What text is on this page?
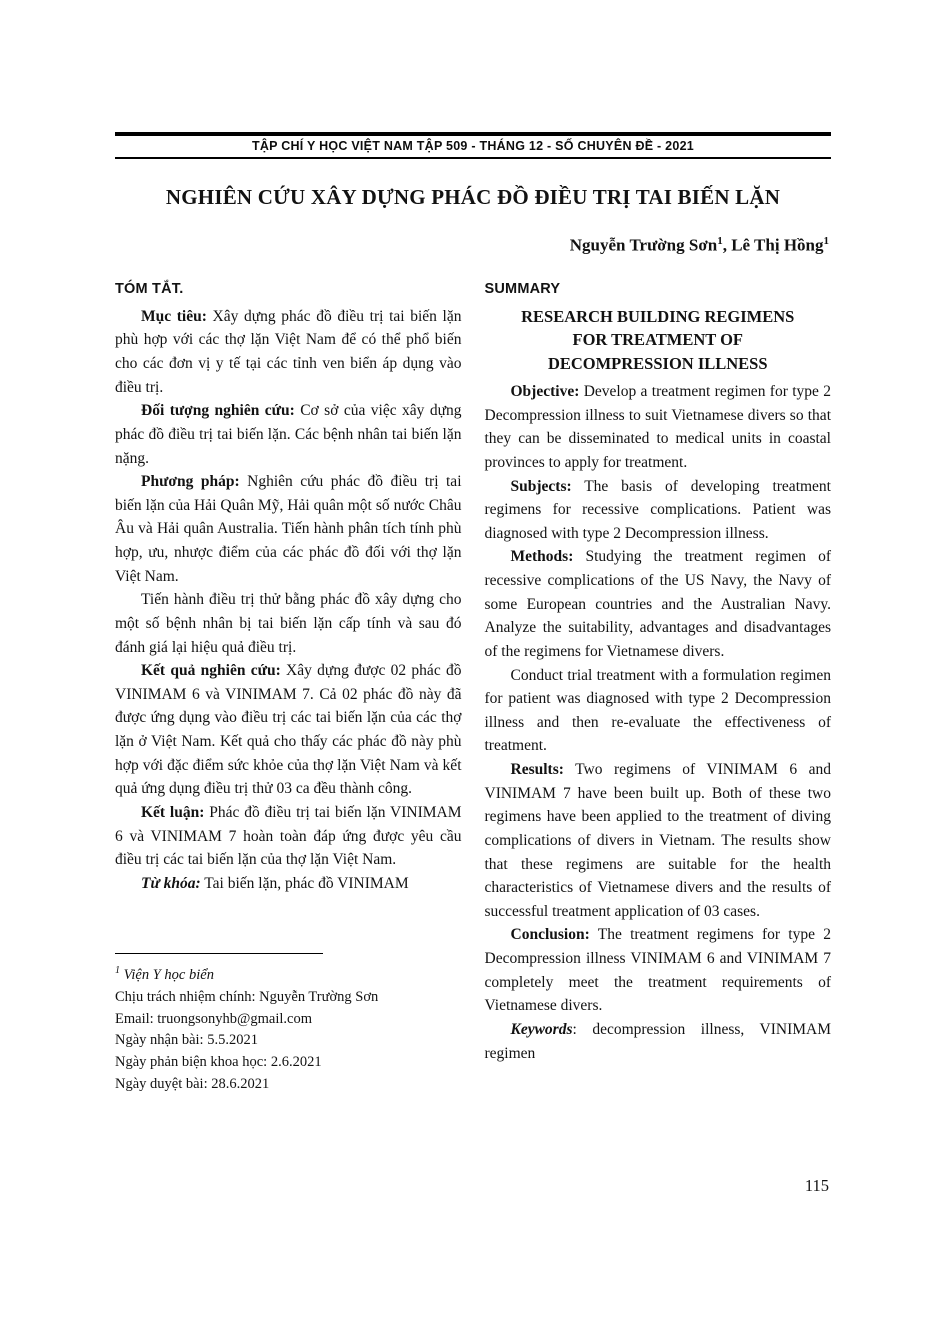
TẬP CHÍ Y HỌC VIỆT NAM TẬP 509 - THÁNG 12 - SỐ CHUYÊN ĐỀ - 2021
NGHIÊN CỨU XÂY DỰNG PHÁC ĐỒ ĐIỀU TRỊ TAI BIẾN LẶN
Nguyễn Trường Sơn$^1$, Lê Thị Hồng$^1$
TÓM TẮT.

Mục tiêu: Xây dựng phác đồ điều trị tai biến lặn phù hợp với các thợ lặn Việt Nam để có thể phổ biến cho các đơn vị y tế tại các tỉnh ven biển áp dụng vào điều trị.

Đối tượng nghiên cứu: Cơ sở của việc xây dựng phác đồ điều trị tai biến lặn. Các bệnh nhân tai biến lặn nặng.

Phương pháp: Nghiên cứu phác đồ điều trị tai biến lặn của Hải Quân Mỹ, Hải quân một số nước Châu Âu và Hải quân Australia. Tiến hành phân tích tính phù hợp, ưu, nhược điểm của các phác đồ đối với thợ lặn Việt Nam.

Tiến hành điều trị thử bằng phác đồ xây dựng cho một số bệnh nhân bị tai biến lặn cấp tính và sau đó đánh giá lại hiệu quả điều trị.

Kết quả nghiên cứu: Xây dựng được 02 phác đồ VINIMAM 6 và VINIMAM 7. Cả 02 phác đồ này đã được ứng dụng vào điều trị các tai biến lặn của các thợ lặn ở Việt Nam. Kết quả cho thấy các phác đồ này phù hợp với đặc điểm sức khỏe của thợ lặn Việt Nam và kết quả ứng dụng điều trị thử 03 ca đều thành công.

Kết luận: Phác đồ điều trị tai biến lặn VINIMAM 6 và VINIMAM 7 hoàn toàn đáp ứng được yêu cầu điều trị các tai biến lặn của thợ lặn Việt Nam.

Từ khóa: Tai biến lặn, phác đồ VINIMAM

$^1$ Viện Y học biển

Chịu trách nhiệm chính: Nguyễn Trường Sơn

Email: truongsonyhb@gmail.com

Ngày nhận bài: 5.5.2021

Ngày phản biện khoa học: 2.6.2021

Ngày duyệt bài: 28.6.2021

SUMMARY
RESEARCH BUILDING REGIMENS
FOR TREATMENT OF
DECOMPRESSION ILLNESS

Objective: Develop a treatment regimen for type 2 Decompression illness to suit Vietnamese divers so that they can be disseminated to medical units in coastal provinces to apply for treatment.

Subjects: The basis of developing treatment regimens for recessive complications. Patient was diagnosed with type 2 Decompression illness.

Methods: Studying the treatment regimen of recessive complications of the US Navy, the Navy of some European countries and the Australian Navy. Analyze the suitability, advantages and disadvantages of the regimens for Vietnamese divers.

Conduct trial treatment with a formulation regimen for patient was diagnosed with type 2 Decompression illness and then re-evaluate the effectiveness of treatment.

Results: Two regimens of VINIMAM 6 and VINIMAM 7 have been built up. Both of these two regimens have been applied to the treatment of diving complications of divers in Vietnam. The results show that these regimens are suitable for the health characteristics of Vietnamese divers and the results of successful treatment application of 03 cases.

Conclusion: The treatment regimens for type 2 Decompression illness VINIMAM 6 and VINIMAM 7 completely meet the treatment requirements of Vietnamese divers.

Keywords: decompression illness, VINIMAM regimen

115
